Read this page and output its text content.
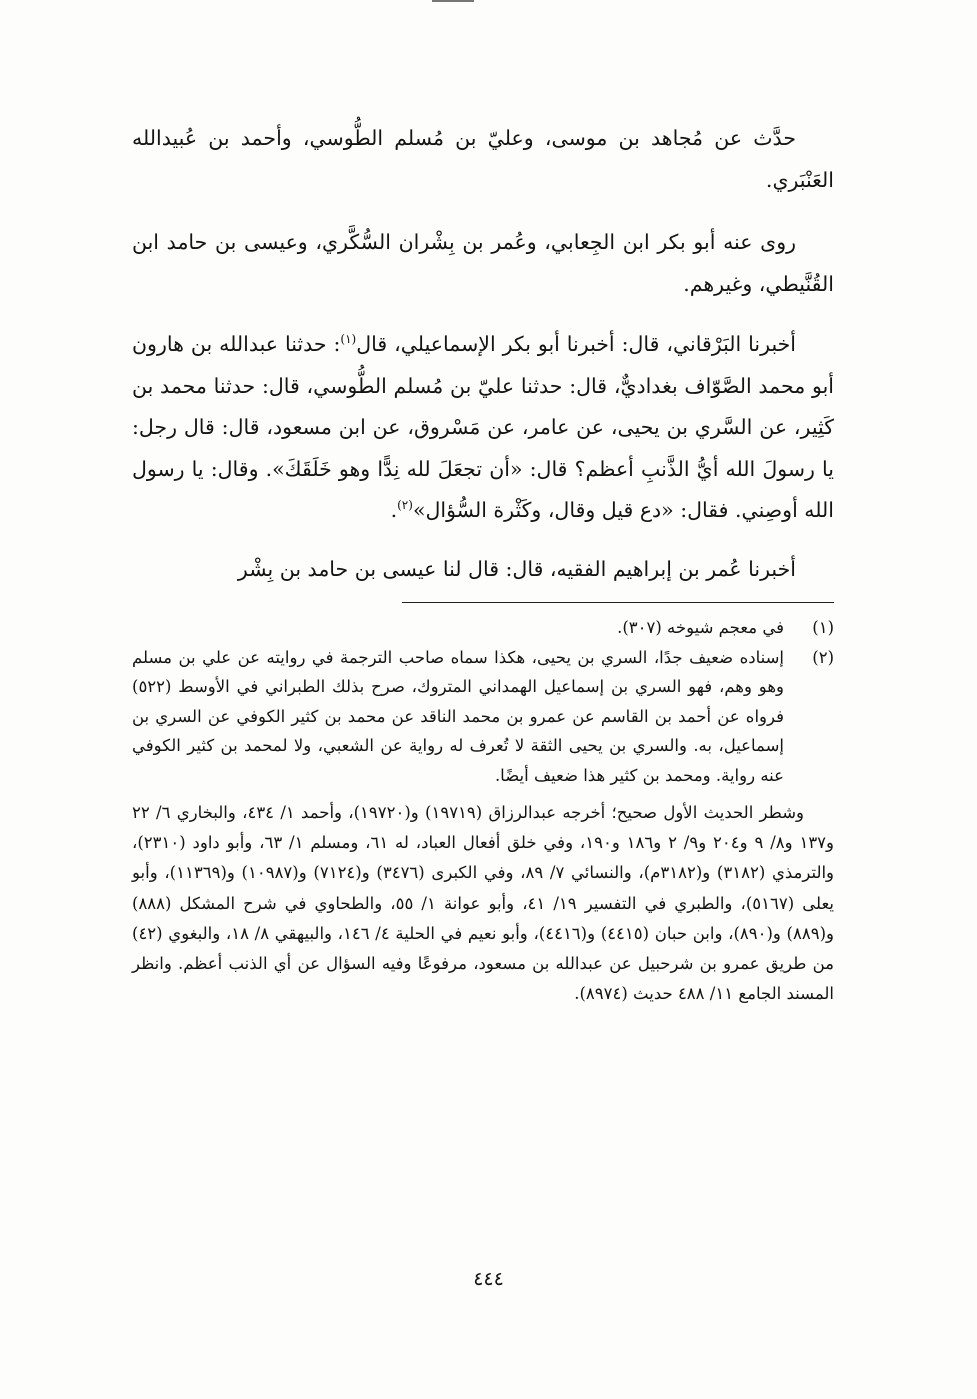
حدَّث عن مُجاهد بن موسى، وعليّ بن مُسلم الطُّوسي، وأحمد بن عُبيدالله العَنْبَري.

روى عنه أبو بكر ابن الجِعابي، وعُمر بن بِشْران السُّكَّري، وعيسى بن حامد ابن القُنَّيطي، وغيرهم.

أخبرنا البَرْقاني، قال: أخبرنا أبو بكر الإسماعيلي، قال$^{(١)}$: حدثنا عبدالله بن هارون أبو محمد الصَّوّاف بغداديٌّ، قال: حدثنا عليّ بن مُسلم الطُّوسي، قال: حدثنا محمد بن كَثِير، عن السَّري بن يحيى، عن عامر، عن مَسْروق، عن ابن مسعود، قال: قال رجل: يا رسولَ الله أيُّ الذَّنبِ أعظم؟ قال: «أن تجعَلَ لله نِدًّا وهو خَلَقَكَ». وقال: يا رسول الله أوصِني. فقال: «دع قيل وقال، وكَثْرة السُّؤال»$^{(٢)}$.

أخبرنا عُمر بن إبراهيم الفقيه، قال: قال لنا عيسى بن حامد بن بِشْر

(١)
في معجم شيوخه (٣٠٧).
(٢)
إسناده ضعيف جدًا، السري بن يحيى، هكذا سماه صاحب الترجمة في روايته عن علي بن مسلم وهو وهم، فهو السري بن إسماعيل الهمداني المتروك، صرح بذلك الطبراني في الأوسط (٥٢٢) فرواه عن أحمد بن القاسم عن عمرو بن محمد الناقد عن محمد بن كثير الكوفي عن السري بن إسماعيل، به. والسري بن يحيى الثقة لا تُعرف له رواية عن الشعبي، ولا لمحمد بن كثير الكوفي عنه رواية. ومحمد بن كثير هذا ضعيف أيضًا.

وشطر الحديث الأول صحيح؛ أخرجه عبدالرزاق (١٩٧١٩) و(١٩٧٢٠)، وأحمد ١/ ٤٣٤، والبخاري ٦/ ٢٢ و١٣٧ و٨/ ٩ و٢٠٤ و٩/ ٢ و١٨٦ و١٩٠، وفي خلق أفعال العباد، له ٦١، ومسلم ١/ ٦٣، وأبو داود (٢٣١٠)، والترمذي (٣١٨٢) و(٣١٨٢م)، والنسائي ٧/ ٨٩، وفي الكبرى (٣٤٧٦) و(٧١٢٤) و(١٠٩٨٧) و(١١٣٦٩)، وأبو يعلى (٥١٦٧)، والطبري في التفسير ١٩/ ٤١، وأبو عوانة ١/ ٥٥، والطحاوي في شرح المشكل (٨٨٨) و(٨٨٩) و(٨٩٠)، وابن حبان (٤٤١٥) و(٤٤١٦)، وأبو نعيم في الحلية ٤/ ١٤٦، والبيهقي ٨/ ١٨، والبغوي (٤٢) من طريق عمرو بن شرحبيل عن عبدالله بن مسعود، مرفوعًا وفيه السؤال عن أي الذنب أعظم. وانظر المسند الجامع ١١/ ٤٨٨ حديث (٨٩٧٤).

٤٤٤
